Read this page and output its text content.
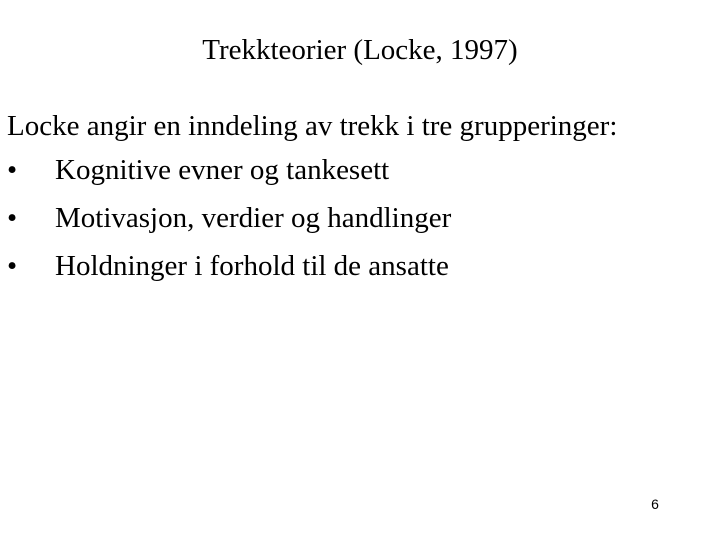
Trekkteorier (Locke, 1997)
Locke angir en inndeling av trekk i tre grupperinger:
•	Kognitive evner og tankesett
•	Motivasjon, verdier og handlinger
•	Holdninger i forhold til de ansatte
6
